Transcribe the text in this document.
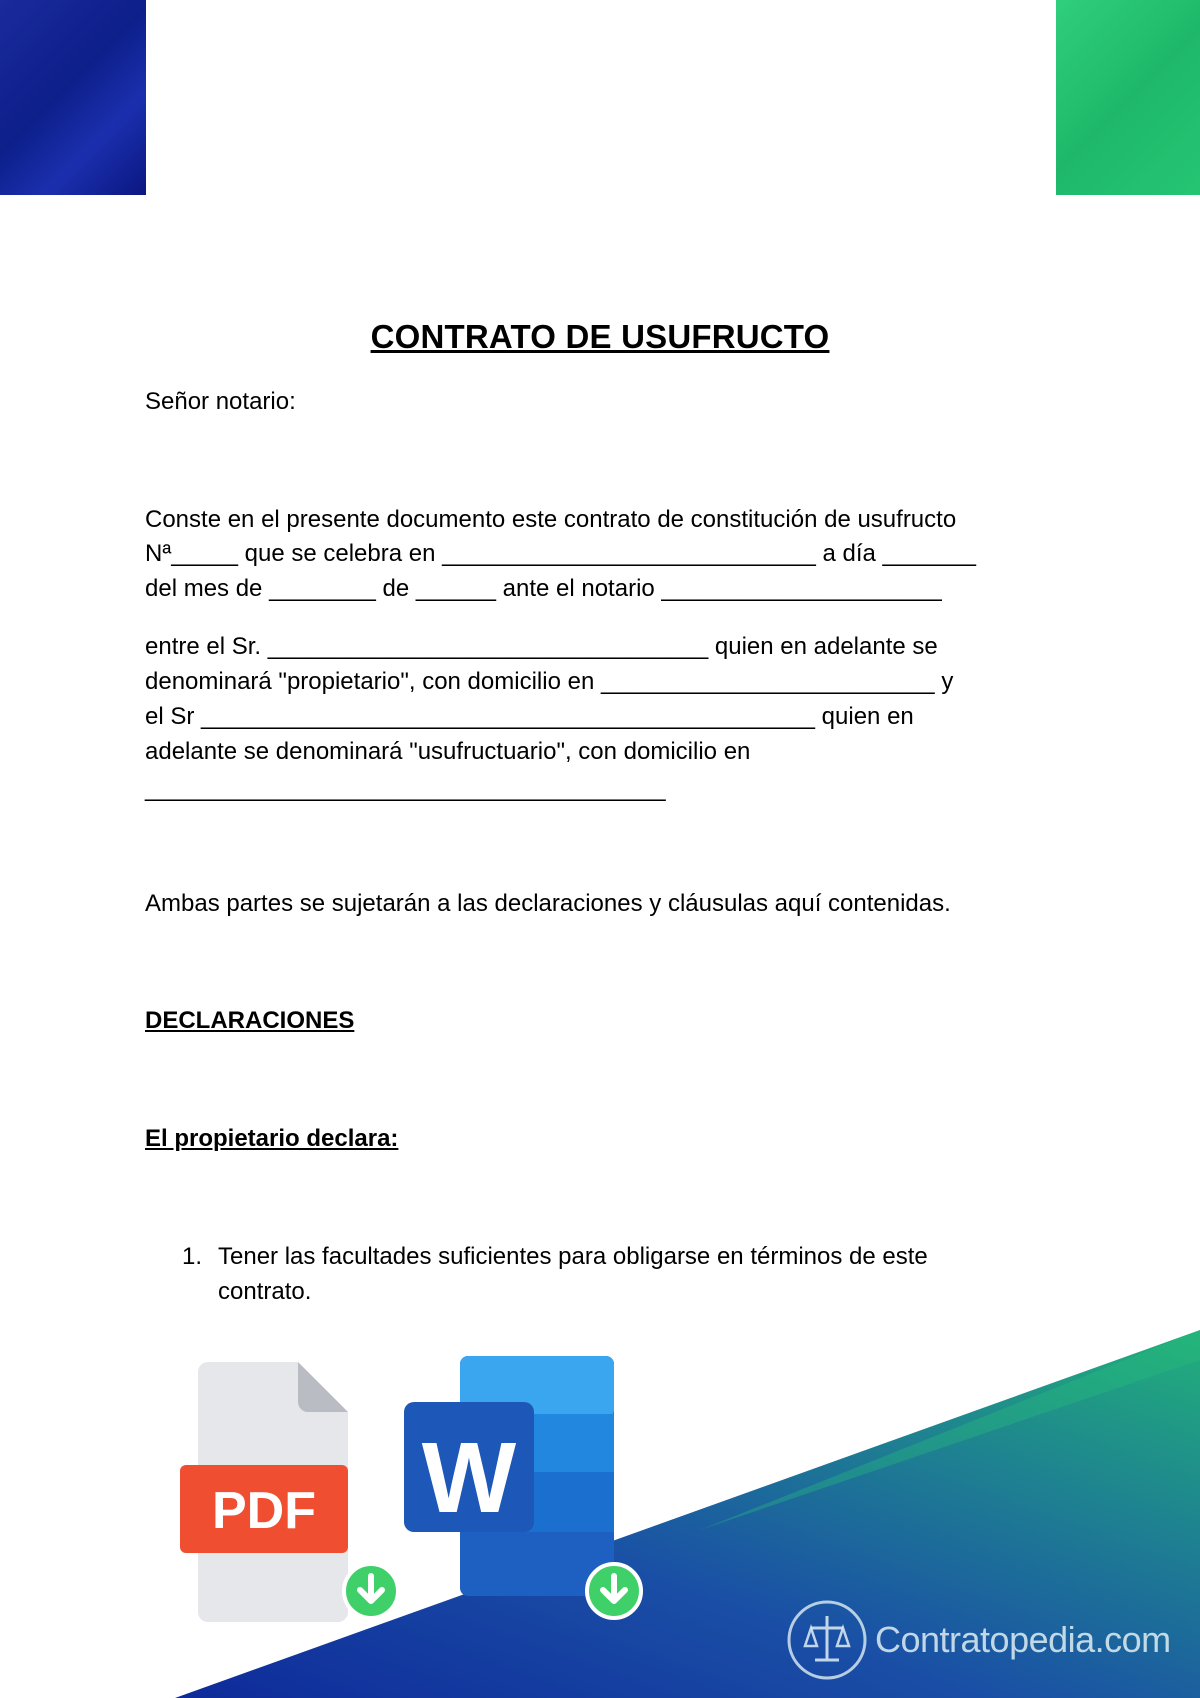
CONTRATO DE USUFRUCTO
Señor notario:
Conste en el presente documento este contrato de constitución de usufructo
Nª_____ que se celebra en ____________________________ a día _______
del mes de ________ de ______ ante el notario _____________________
entre el Sr. _________________________________ quien en adelante se
denominará "propietario", con domicilio en _________________________ y
el Sr ______________________________________________ quien en
adelante se denominará "usufructuario", con domicilio en
_______________________________________
Ambas partes se sujetarán a las declaraciones y cláusulas aquí contenidas.
DECLARACIONES
El propietario declara:
1. Tener las facultades suficientes para obligarse en términos de este
contrato.
PDF W
Contratopedia.com
